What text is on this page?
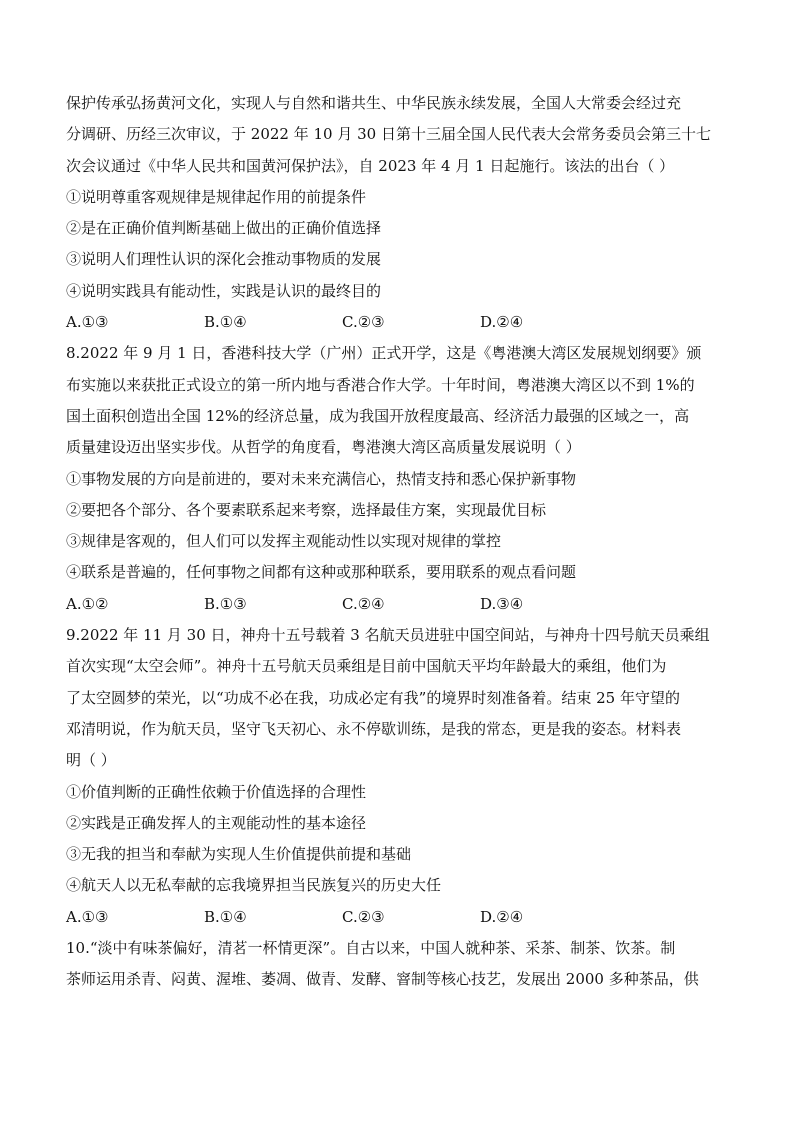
保护传承弘扬黄河文化，实现人与自然和谐共生、中华民族永续发展，全国人大常委会经过充
分调研、历经三次审议，于 2022 年 10 月 30 日第十三届全国人民代表大会常务委员会第三十七
次会议通过《中华人民共和国黄河保护法》，自 2023 年 4 月 1 日起施行。该法的出台（ ）
①说明尊重客观规律是规律起作用的前提条件
②是在正确价值判断基础上做出的正确价值选择
③说明人们理性认识的深化会推动事物质的发展
④说明实践具有能动性，实践是认识的最终目的
A.①③	B.①④	C.②③	D.②④
8.2022 年 9 月 1 日，香港科技大学（广州）正式开学，这是《粤港澳大湾区发展规划纲要》颁
布实施以来获批正式设立的第一所内地与香港合作大学。十年时间，粤港澳大湾区以不到 1%的
国土面积创造出全国 12%的经济总量，成为我国开放程度最高、经济活力最强的区域之一，高
质量建设迈出坚实步伐。从哲学的角度看，粤港澳大湾区高质量发展说明（ ）
①事物发展的方向是前进的，要对未来充满信心，热情支持和悉心保护新事物
②要把各个部分、各个要素联系起来考察，选择最佳方案，实现最优目标
③规律是客观的，但人们可以发挥主观能动性以实现对规律的掌控
④联系是普遍的，任何事物之间都有这种或那种联系，要用联系的观点看问题
A.①②	B.①③	C.②④	D.③④
9.2022 年 11 月 30 日，神舟十五号载着 3 名航天员进驻中国空间站，与神舟十四号航天员乘组
首次实现“太空会师”。神舟十五号航天员乘组是目前中国航天平均年龄最大的乘组，他们为
了太空圆梦的荣光，以“功成不必在我，功成必定有我”的境界时刻准备着。结束 25 年守望的
邓清明说，作为航天员，坚守飞天初心、永不停歇训练，是我的常态，更是我的姿态。材料表
明（ ）
①价值判断的正确性依赖于价值选择的合理性
②实践是正确发挥人的主观能动性的基本途径
③无我的担当和奉献为实现人生价值提供前提和基础
④航天人以无私奉献的忘我境界担当民族复兴的历史大任
A.①③	B.①④	C.②③	D.②④
10.“淡中有味茶偏好，清茗一杯情更深”。自古以来，中国人就种茶、采茶、制茶、饮茶。制
茶师运用杀青、闷黄、渥堆、萎凋、做青、发酵、窨制等核心技艺，发展出 2000 多种茶品，供
